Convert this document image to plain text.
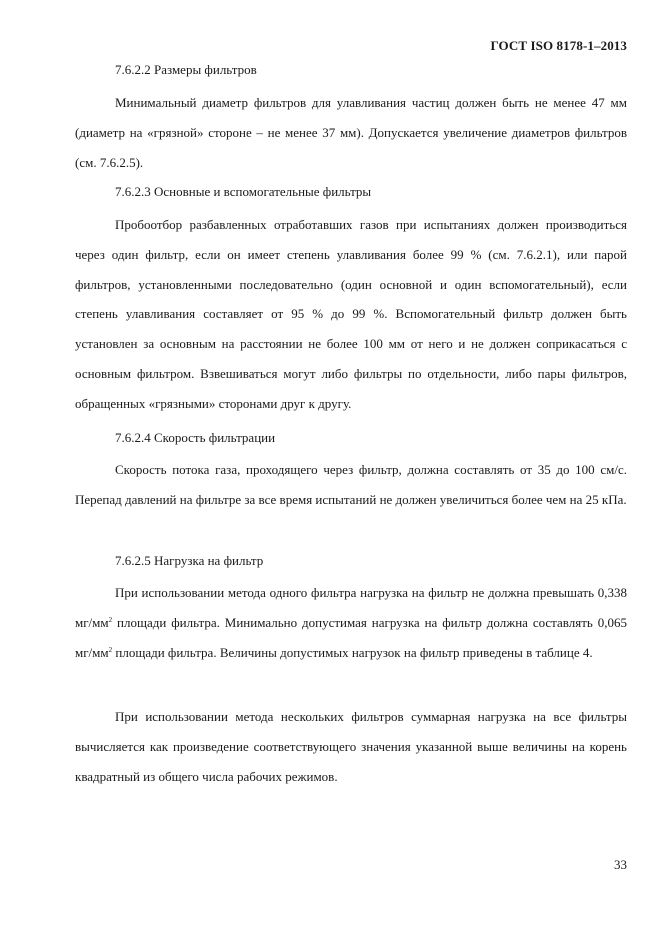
ГОСТ ISO 8178-1–2013
7.6.2.2 Размеры фильтров

Минимальный диаметр фильтров для улавливания частиц должен быть не менее 47 мм (диаметр на «грязной» стороне – не менее 37 мм). Допускается увеличение диаметров фильтров (см. 7.6.2.5).

7.6.2.3 Основные и вспомогательные фильтры

Пробоотбор разбавленных отработавших газов при испытаниях должен производиться через один фильтр, если он имеет степень улавливания более 99 % (см. 7.6.2.1), или парой фильтров, установленными последовательно (один основной и один вспомогательный), если степень улавливания составляет от 95 % до 99 %. Вспомогательный фильтр должен быть установлен за основным на расстоянии не более 100 мм от него и не должен соприкасаться с основным фильтром. Взвешиваться могут либо фильтры по отдельности, либо пары фильтров, обращенных «грязными» сторонами друг к другу.

7.6.2.4 Скорость фильтрации

Скорость потока газа, проходящего через фильтр, должна составлять от 35 до 100 см/с. Перепад давлений на фильтре за все время испытаний не должен увеличиться более чем на 25 кПа.

7.6.2.5 Нагрузка на фильтр

При использовании метода одного фильтра нагрузка на фильтр не должна превышать 0,338 $мг/мм^2$ площади фильтра. Минимально допустимая нагрузка на фильтр должна составлять 0,065 $мг/мм^2$ площади фильтра. Величины допустимых нагрузок на фильтр приведены в таблице 4.

При использовании метода нескольких фильтров суммарная нагрузка на все фильтры вычисляется как произведение соответствующего значения указанной выше величины на корень квадратный из общего числа рабочих режимов.

33
